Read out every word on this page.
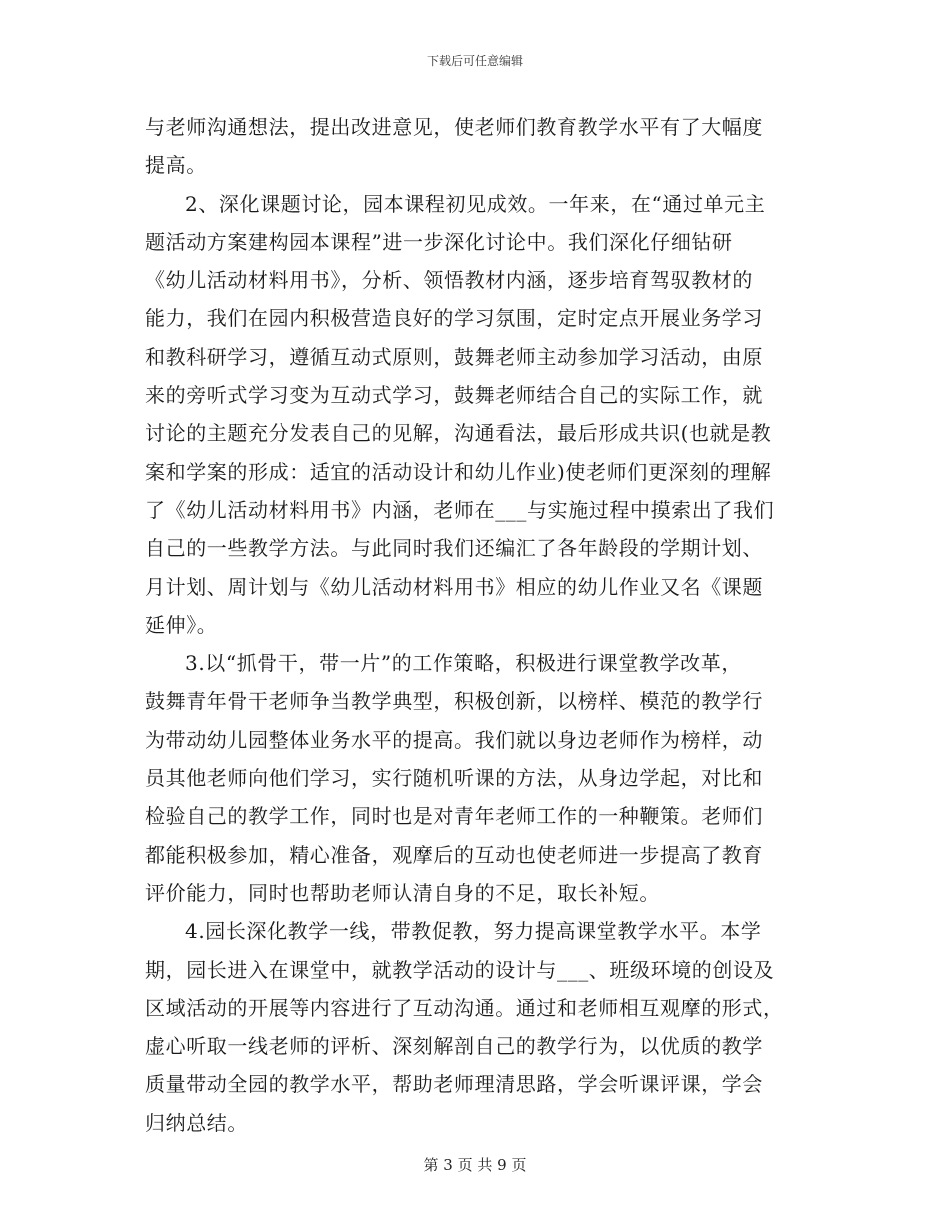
下载后可任意编辑
与老师沟通想法，提出改进意见，使老师们教育教学水平有了大幅度
提高。
2、深化课题讨论，园本课程初见成效。一年来，在“通过单元主
题活动方案建构园本课程”进一步深化讨论中。我们深化仔细钻研
《幼儿活动材料用书》，分析、领悟教材内涵，逐步培育驾驭教材的
能力，我们在园内积极营造良好的学习氛围，定时定点开展业务学习
和教科研学习，遵循互动式原则，鼓舞老师主动参加学习活动，由原
来的旁听式学习变为互动式学习，鼓舞老师结合自己的实际工作，就
讨论的主题充分发表自己的见解，沟通看法，最后形成共识(也就是教
案和学案的形成：适宜的活动设计和幼儿作业)使老师们更深刻的理解
了《幼儿活动材料用书》内涵，老师在___与实施过程中摸索出了我们
自己的一些教学方法。与此同时我们还编汇了各年龄段的学期计划、
月计划、周计划与《幼儿活动材料用书》相应的幼儿作业又名《课题
延伸》。
3.以“抓骨干，带一片”的工作策略，积极进行课堂教学改革，
鼓舞青年骨干老师争当教学典型，积极创新，以榜样、模范的教学行
为带动幼儿园整体业务水平的提高。我们就以身边老师作为榜样，动
员其他老师向他们学习，实行随机听课的方法，从身边学起，对比和
检验自己的教学工作，同时也是对青年老师工作的一种鞭策。老师们
都能积极参加，精心准备，观摩后的互动也使老师进一步提高了教育
评价能力，同时也帮助老师认清自身的不足，取长补短。
4.园长深化教学一线，带教促教，努力提高课堂教学水平。本学
期，园长进入在课堂中，就教学活动的设计与___、班级环境的创设及
区域活动的开展等内容进行了互动沟通。通过和老师相互观摩的形式，
虚心听取一线老师的评析、深刻解剖自己的教学行为，以优质的教学
质量带动全园的教学水平，帮助老师理清思路，学会听课评课，学会
归纳总结。
第 3 页 共 9 页
